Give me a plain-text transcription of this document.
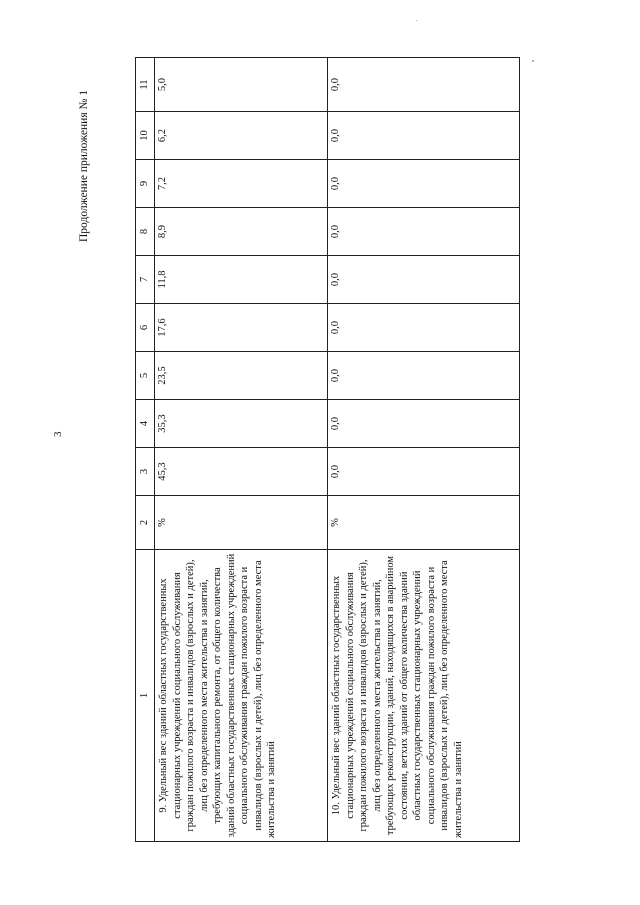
3
Продолжение приложения № 1
1	2	3	4	5	6	7	8	9	10	11
9. Удельный вес зданий областных государственных стационарных учреждений социального обслуживания граждан пожилого возраста и инвалидов (взрослых и детей), лиц без определенного места жительства и занятий, требующих капитального ремонта, от общего количества зданий областных государственных стационарных учреждений социального обслуживания граждан пожилого возраста и инвалидов (взрослых и детей), лиц без определенного места жительства и занятий	%	45,3	35,3	23,5	17,6	11,8	8,9	7,2	6,2	5,0
10. Удельный вес зданий областных государственных стационарных учреждений социального обслуживания граждан пожилого возраста и инвалидов (взрослых и детей), лиц без определенного места жительства и занятий, требующих реконструкции, зданий, находящихся в аварийном состоянии, ветхих зданий от общего количества зданий областных государственных стационарных учреждений социального обслуживания граждан пожилого возраста и инвалидов (взрослых и детей), лиц без определенного места жительства и занятий	%	0,0	0,0	0,0	0,0	0,0	0,0	0,0	0,0	0,0
